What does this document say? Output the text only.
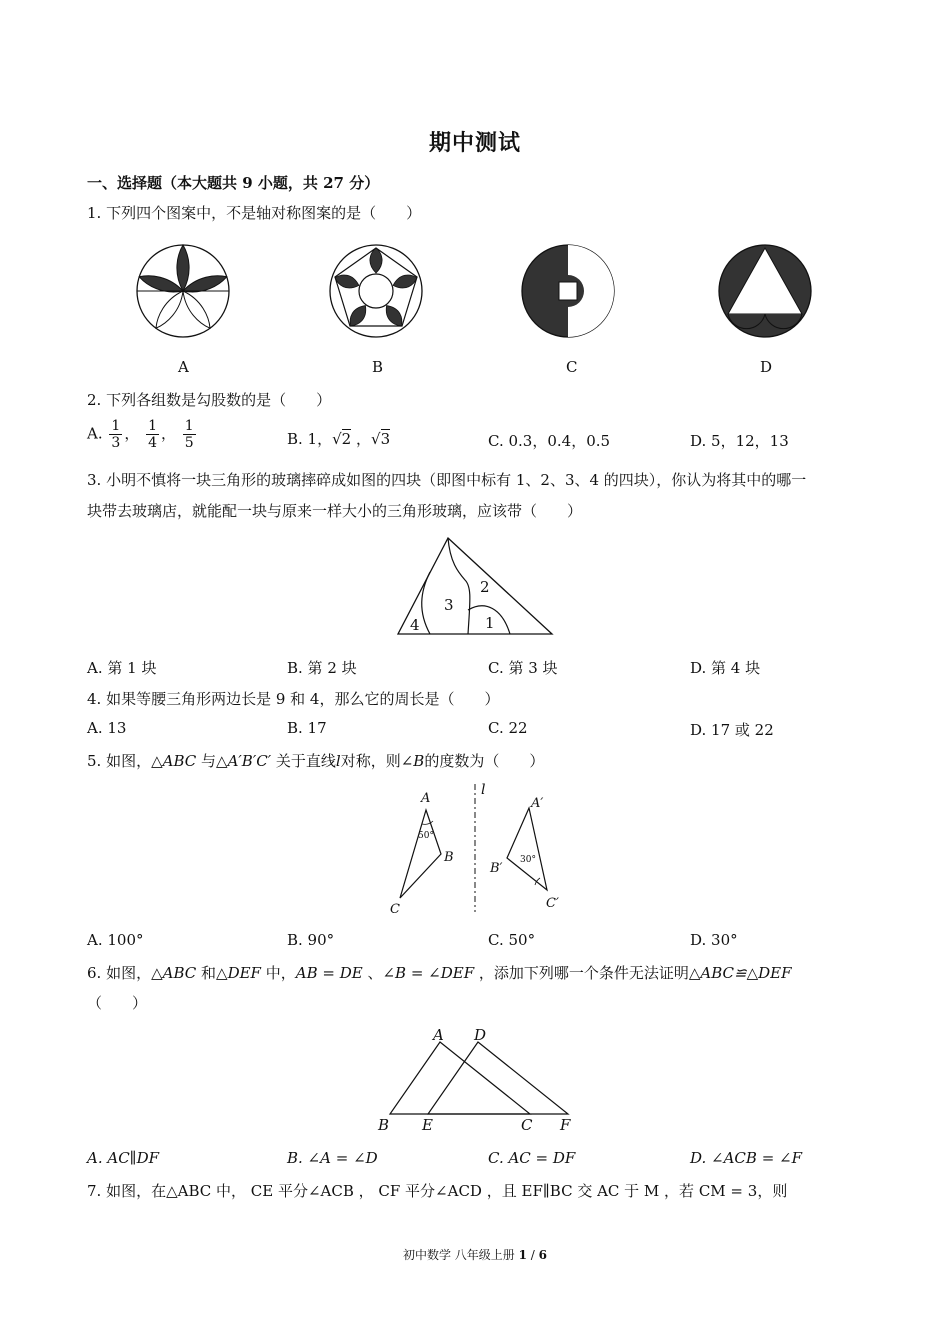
期中测试
一、选择题（本大题共 9 小题，共 27 分）
1. 下列四个图案中，不是轴对称图案的是（　　）
A	B	C	D
2. 下列各组数是勾股数的是（　　）
A. $\frac{1}{3}$ ， $\frac{1}{4}$ ， $\frac{1}{5}$	B. 1，√2 ，√3	C. 0.3，0.4，0.5	D. 5，12，13
3. 小明不慎将一块三角形的玻璃摔碎成如图的四块（即图中标有 1、2、3、4 的四块），你认为将其中的哪一
块带去玻璃店，就能配一块与原来一样大小的三角形玻璃，应该带（　　）
1
2
3
4
A. 第 1 块	B. 第 2 块	C. 第 3 块	D. 第 4 块
4. 如果等腰三角形两边长是 9 和 4，那么它的周长是（　　）
A. 13	B. 17	C. 22	D. 17 或 22
5. 如图，△ABC 与△A′B′C′ 关于直线l对称，则∠B的度数为（　　）
A
B
C
l
A′
B′
C′
50°
30°
A. 100°	B. 90°	C. 50°	D. 30°
6. 如图，△ABC 和△DEF 中，AB = DE 、∠B = ∠DEF ，添加下列哪一个条件无法证明△ABC≌△DEF
（　　）
A D
B E	C F
A. AC∥DF	B. ∠A = ∠D	C. AC = DF	D. ∠ACB = ∠F
7. 如图，在△ABC 中， CE 平分∠ACB ， CF 平分∠ACD ，且 EF∥BC 交 AC 于 M ，若 CM = 3，则
初中数学 八年级上册 1 / 6
